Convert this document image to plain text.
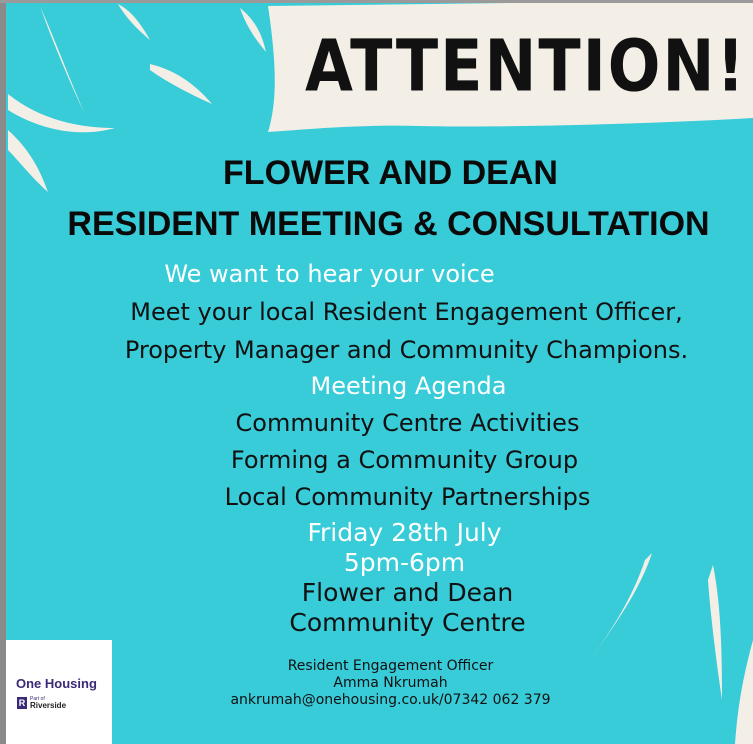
ATTENTION!
FLOWER AND DEAN
RESIDENT MEETING & CONSULTATION
We want to hear your voice
Meet your local Resident Engagement Officer,
Property Manager and Community Champions.
Meeting Agenda
Community Centre Activities
Forming a Community Group
Local Community Partnerships
Friday 28th July
5pm-6pm
Flower and Dean
Community Centre
Resident Engagement Officer
Amma Nkrumah
ankrumah@onehousing.co.uk/07342 062 379
One Housing
R Part of
Riverside
